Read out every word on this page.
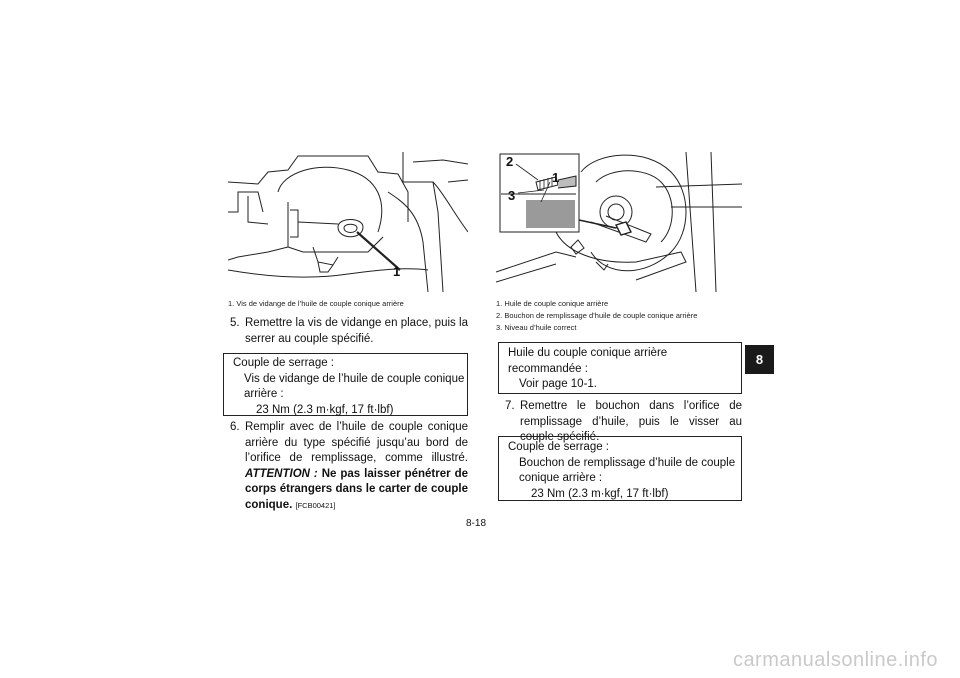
1
1. Vis de vidange de l’huile de couple conique arrière
2
1
3
1. Huile de couple conique arrière
2. Bouchon de remplissage d’huile de couple conique arrière
3. Niveau d’huile correct
5. Remettre la vis de vidange en place, puis la serrer au couple spécifié.
Couple de serrage :
Vis de vidange de l’huile de couple conique
arrière :
23 Nm (2.3 m·kgf, 17 ft·lbf)
6. Remplir avec de l’huile de couple conique arrière du type spécifié jusqu’au bord de l’orifice de remplissage, comme illustré. ATTENTION : Ne pas laisser pénétrer de corps étrangers dans le carter de couple conique. [FCB00421]
Huile du couple conique arrière
recommandée :
Voir page 10-1.
7. Remettre le bouchon dans l’orifice de remplissage d’huile, puis le visser au couple spécifié.
Couple de serrage :
Bouchon de remplissage d’huile de couple
conique arrière :
23 Nm (2.3 m·kgf, 17 ft·lbf)
8
8-18
carmanualsonline.info
